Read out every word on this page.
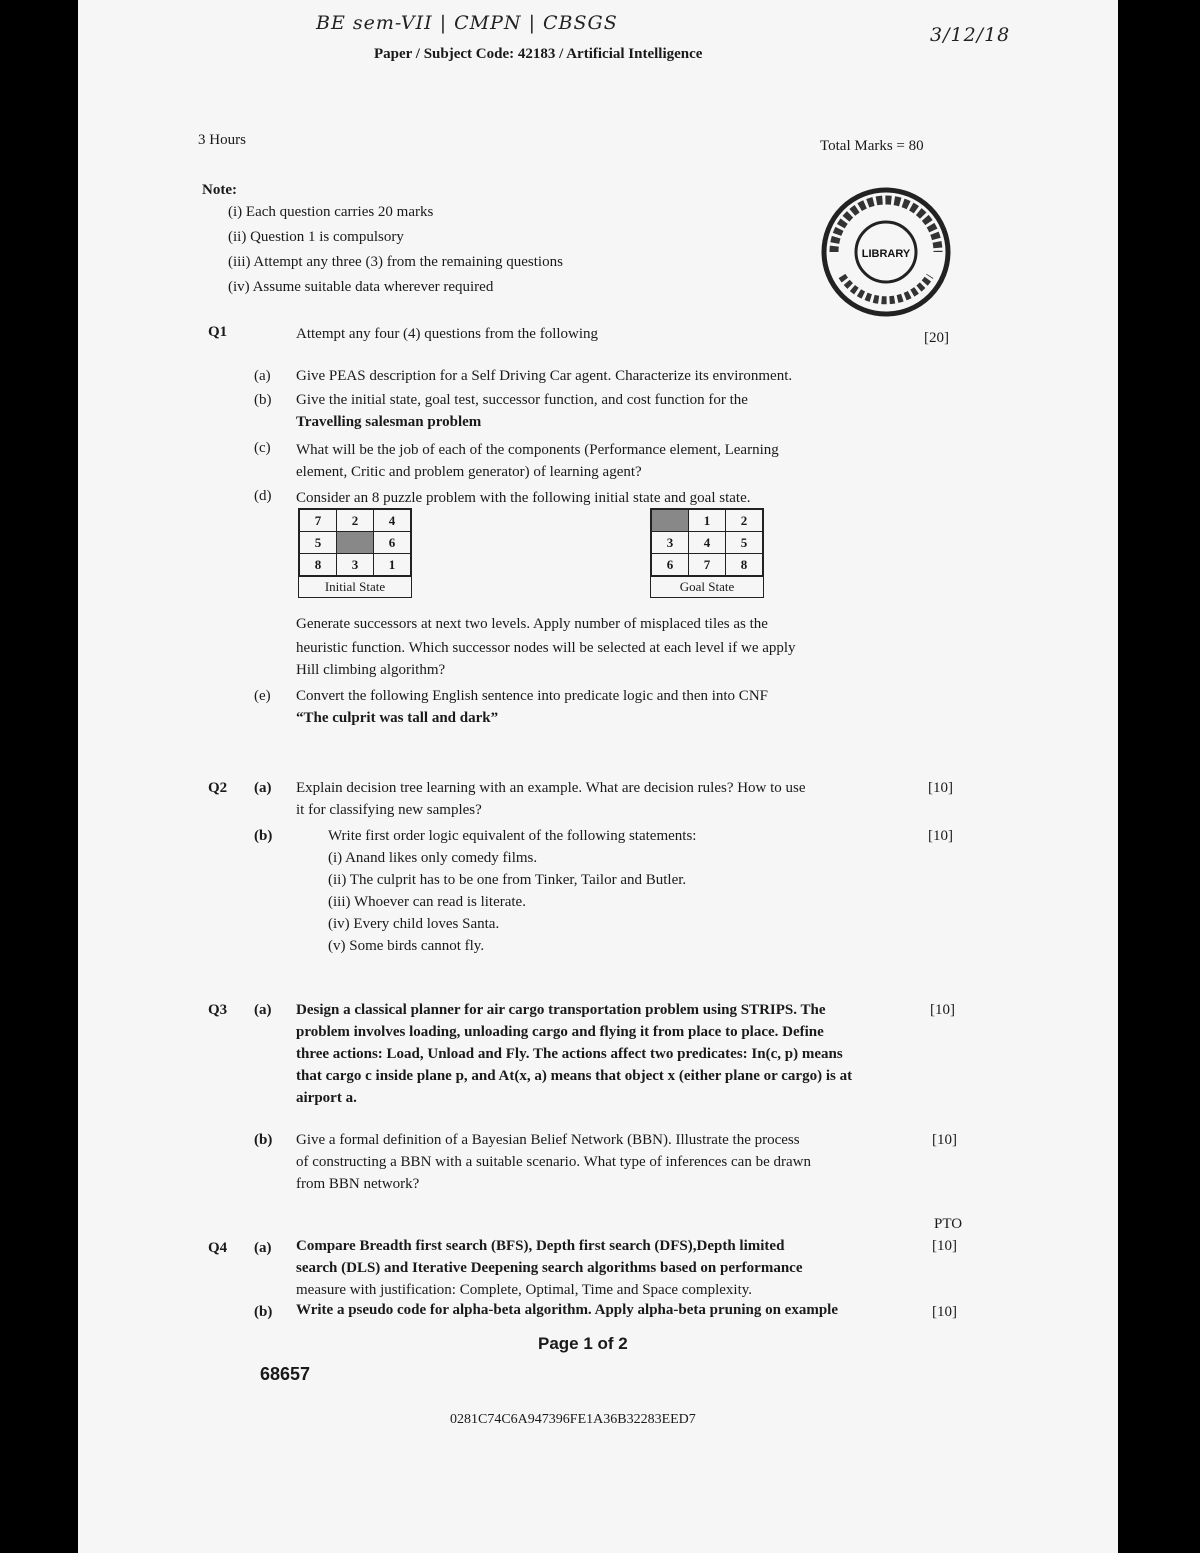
BE sem-VII | CMPN | CBSGS
Paper / Subject Code: 42183 / Artificial Intelligence
3/12/18
3 Hours	Total Marks = 80
Note:
(i) Each question carries 20 marks
(ii) Question 1 is compulsory
(iii) Attempt any three (3) from the remaining questions
(iv) Assume suitable data wherever required
LIBRARY
Q1	Attempt any four (4) questions from the following	[20]
(a) Give PEAS description for a Self Driving Car agent. Characterize its environment.
(b) Give the initial state, goal test, successor function, and cost function for the
Travelling salesman problem
(c) What will be the job of each of the components (Performance element, Learning
element, Critic and problem generator) of learning agent?
(d) Consider an 8 puzzle problem with the following initial state and goal state.
7	2	4
5		6
8	3	1
Initial State
	1	2
3	4	5
6	7	8
Goal State
Generate successors at next two levels. Apply number of misplaced tiles as the
heuristic function. Which successor nodes will be selected at each level if we apply
Hill climbing algorithm?
(e) Convert the following English sentence into predicate logic and then into CNF
“The culprit was tall and dark”
Q2 (a) Explain decision tree learning with an example. What are decision rules? How to use
it for classifying new samples?
[10]
(b)	Write first order logic equivalent of the following statements:	[10]
(i) Anand likes only comedy films.
(ii) The culprit has to be one from Tinker, Tailor and Butler.
(iii) Whoever can read is literate.
(iv) Every child loves Santa.
(v) Some birds cannot fly.
Q3 (a) Design a classical planner for air cargo transportation problem using STRIPS. The
problem involves loading, unloading cargo and flying it from place to place. Define
three actions: Load, Unload and Fly. The actions affect two predicates: In(c, p) means
that cargo c inside plane p, and At(x, a) means that object x (either plane or cargo) is at
airport a.
[10]
(b) Give a formal definition of a Bayesian Belief Network (BBN). Illustrate the process
of constructing a BBN with a suitable scenario. What type of inferences can be drawn
from BBN network?
[10]
PTO
Q4 (a) Compare Breadth first search (BFS), Depth first search (DFS),Depth limited
search (DLS) and Iterative Deepening search algorithms based on performance
measure with justification: Complete, Optimal, Time and Space complexity.
[10]
(b) Write a pseudo code for alpha-beta algorithm. Apply alpha-beta pruning on example	[10]
Page 1 of 2
68657
0281C74C6A947396FE1A36B32283EED7
